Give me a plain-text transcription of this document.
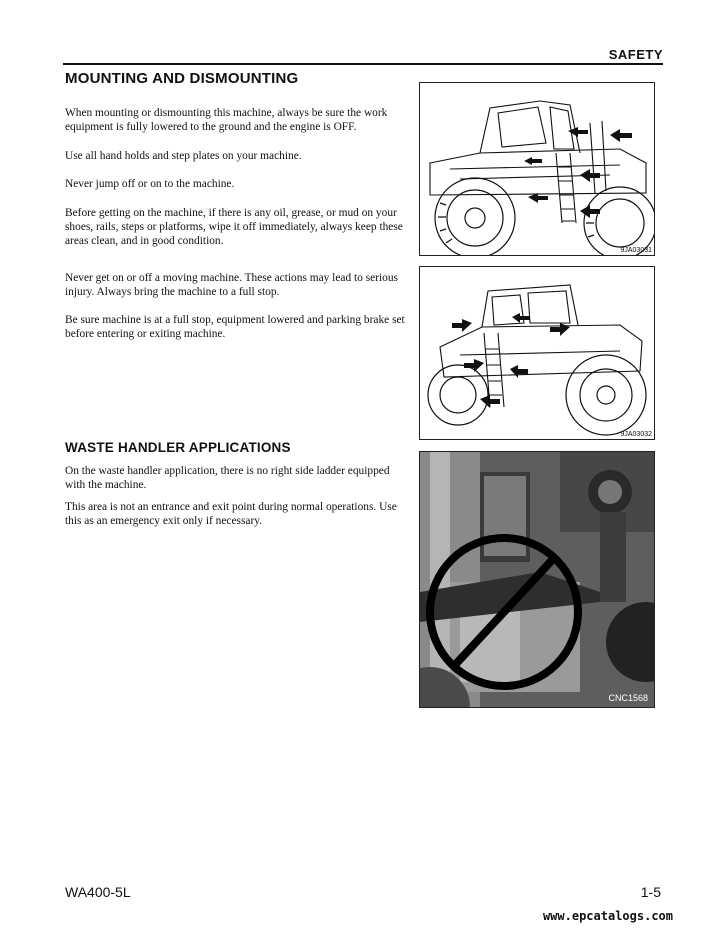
SAFETY
MOUNTING AND DISMOUNTING

When mounting or dismounting this machine, always be sure the work equipment is fully lowered to the ground and the engine is OFF.

Use all hand holds and step plates on your machine.

Never jump off or on to the machine.

Before getting on the machine, if there is any oil, grease, or mud on your shoes, rails, steps or platforms, wipe it off immediately, always keep these areas clean, and in good condition.

Never get on or off a moving machine. These actions may lead to serious injury. Always bring the machine to a full stop.

Be sure machine is at a full stop, equipment lowered and parking brake set before entering or exiting machine.

WASTE HANDLER APPLICATIONS

On the waste handler application, there is no right side ladder equipped with the machine.

This area is not an entrance and exit point during normal operations. Use this as an emergency exit only if necessary.

9JA03031
9JA03032
CNC1568
WA400-5L	1-5
www.epcatalogs.com
